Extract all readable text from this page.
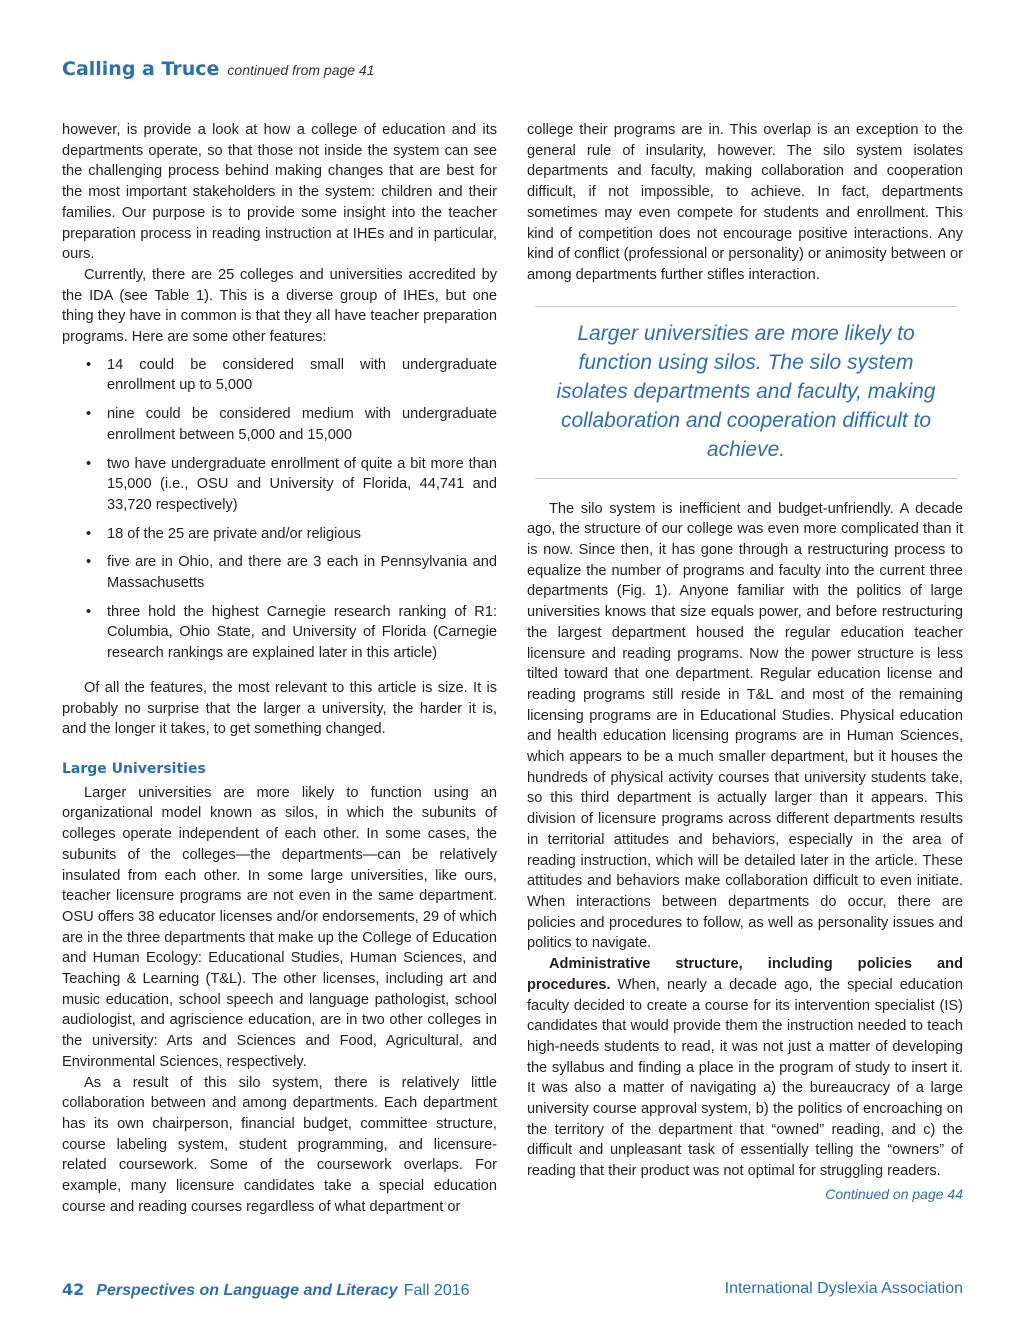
Calling a Truce continued from page 41

however, is provide a look at how a college of education and its departments operate, so that those not inside the system can see the challenging process behind making changes that are best for the most important stakeholders in the system: children and their families. Our purpose is to provide some insight into the teacher preparation process in reading instruction at IHEs and in particular, ours.

Currently, there are 25 colleges and universities accredited by the IDA (see Table 1). This is a diverse group of IHEs, but one thing they have in common is that they all have teacher preparation programs. Here are some other features:

• 14 could be considered small with undergraduate enrollment up to 5,000
• nine could be considered medium with undergraduate enrollment between 5,000 and 15,000
• two have undergraduate enrollment of quite a bit more than 15,000 (i.e., OSU and University of Florida, 44,741 and 33,720 respectively)
• 18 of the 25 are private and/or religious
• five are in Ohio, and there are 3 each in Pennsylvania and Massachusetts
• three hold the highest Carnegie research ranking of R1: Columbia, Ohio State, and University of Florida (Carnegie research rankings are explained later in this article)

Of all the features, the most relevant to this article is size. It is probably no surprise that the larger a university, the harder it is, and the longer it takes, to get something changed.

Large Universities

Larger universities are more likely to function using an organizational model known as silos, in which the subunits of colleges operate independent of each other. In some cases, the subunits of the colleges—the departments—can be relatively insulated from each other. In some large universities, like ours, teacher licensure programs are not even in the same department. OSU offers 38 educator licenses and/or endorsements, 29 of which are in the three departments that make up the College of Education and Human Ecology: Educational Studies, Human Sciences, and Teaching & Learning (T&L). The other licenses, including art and music education, school speech and language pathologist, school audiologist, and agriscience education, are in two other colleges in the university: Arts and Sciences and Food, Agricultural, and Environmental Sciences, respectively.

As a result of this silo system, there is relatively little collaboration between and among departments. Each department has its own chairperson, financial budget, committee structure, course labeling system, student programming, and licensure-related coursework. Some of the coursework overlaps. For example, many licensure candidates take a special education course and reading courses regardless of what department or

college their programs are in. This overlap is an exception to the general rule of insularity, however. The silo system isolates departments and faculty, making collaboration and cooperation difficult, if not impossible, to achieve. In fact, departments sometimes may even compete for students and enrollment. This kind of competition does not encourage positive interactions. Any kind of conflict (professional or personality) or animosity between or among departments further stifles interaction.

Larger universities are more likely to function using silos. The silo system isolates departments and faculty, making collaboration and cooperation difficult to achieve.

The silo system is inefficient and budget-unfriendly. A decade ago, the structure of our college was even more complicated than it is now. Since then, it has gone through a restructuring process to equalize the number of programs and faculty into the current three departments (Fig. 1). Anyone familiar with the politics of large universities knows that size equals power, and before restructuring the largest department housed the regular education teacher licensure and reading programs. Now the power structure is less tilted toward that one department. Regular education license and reading programs still reside in T&L and most of the remaining licensing programs are in Educational Studies. Physical education and health education licensing programs are in Human Sciences, which appears to be a much smaller department, but it houses the hundreds of physical activity courses that university students take, so this third department is actually larger than it appears. This division of licensure programs across different departments results in territorial attitudes and behaviors, especially in the area of reading instruction, which will be detailed later in the article. These attitudes and behaviors make collaboration difficult to even initiate. When interactions between departments do occur, there are policies and procedures to follow, as well as personality issues and politics to navigate.

Administrative structure, including policies and procedures. When, nearly a decade ago, the special education faculty decided to create a course for its intervention specialist (IS) candidates that would provide them the instruction needed to teach high-needs students to read, it was not just a matter of developing the syllabus and finding a place in the program of study to insert it. It was also a matter of navigating a) the bureaucracy of a large university course approval system, b) the politics of encroaching on the territory of the department that “owned” reading, and c) the difficult and unpleasant task of essentially telling the “owners” of reading that their product was not optimal for struggling readers.

Continued on page 44
42 Perspectives on Language and Literacy Fall 2016	International Dyslexia Association
